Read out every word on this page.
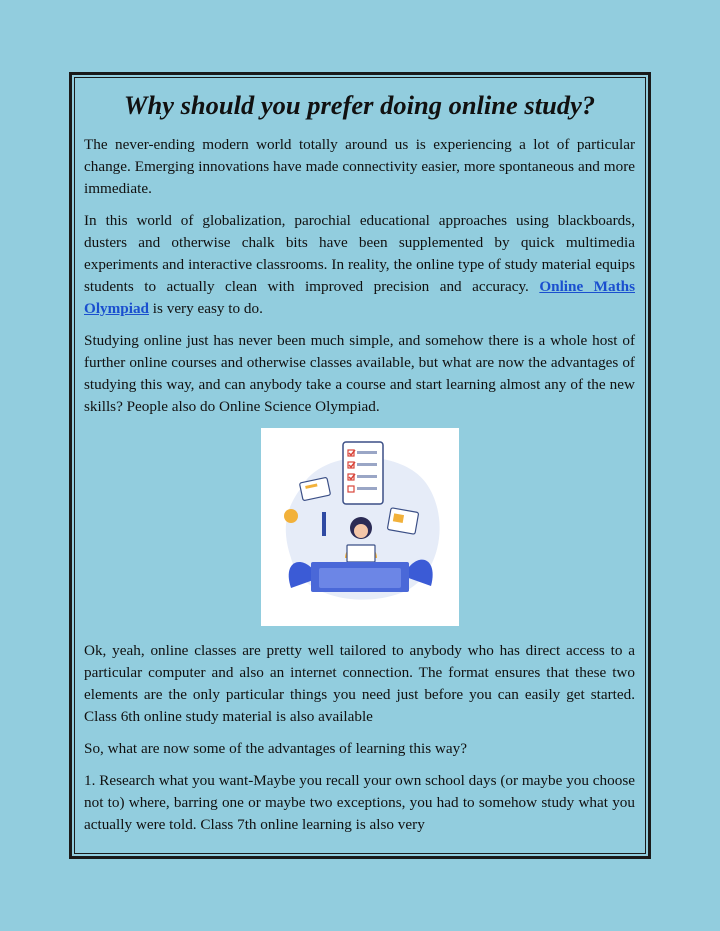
Why should you prefer doing online study?

The never-ending modern world totally around us is experiencing a lot of particular change. Emerging innovations have made connectivity easier, more spontaneous and more immediate.

In this world of globalization, parochial educational approaches using blackboards, dusters and otherwise chalk bits have been supplemented by quick multimedia experiments and interactive classrooms. In reality, the online type of study material equips students to actually clean with improved precision and accuracy. Online Maths Olympiad is very easy to do.

Studying online just has never been much simple, and somehow there is a whole host of further online courses and otherwise classes available, but what are now the advantages of studying this way, and can anybody take a course and start learning almost any of the new skills? People also do Online Science Olympiad.

Ok, yeah, online classes are pretty well tailored to anybody who has direct access to a particular computer and also an internet connection. The format ensures that these two elements are the only particular things you need just before you can easily get started. Class 6th online study material is also available

So, what are now some of the advantages of learning this way?

1. Research what you want-Maybe you recall your own school days (or maybe you choose not to) where, barring one or maybe two exceptions, you had to somehow study what you actually were told. Class 7th online learning is also very
